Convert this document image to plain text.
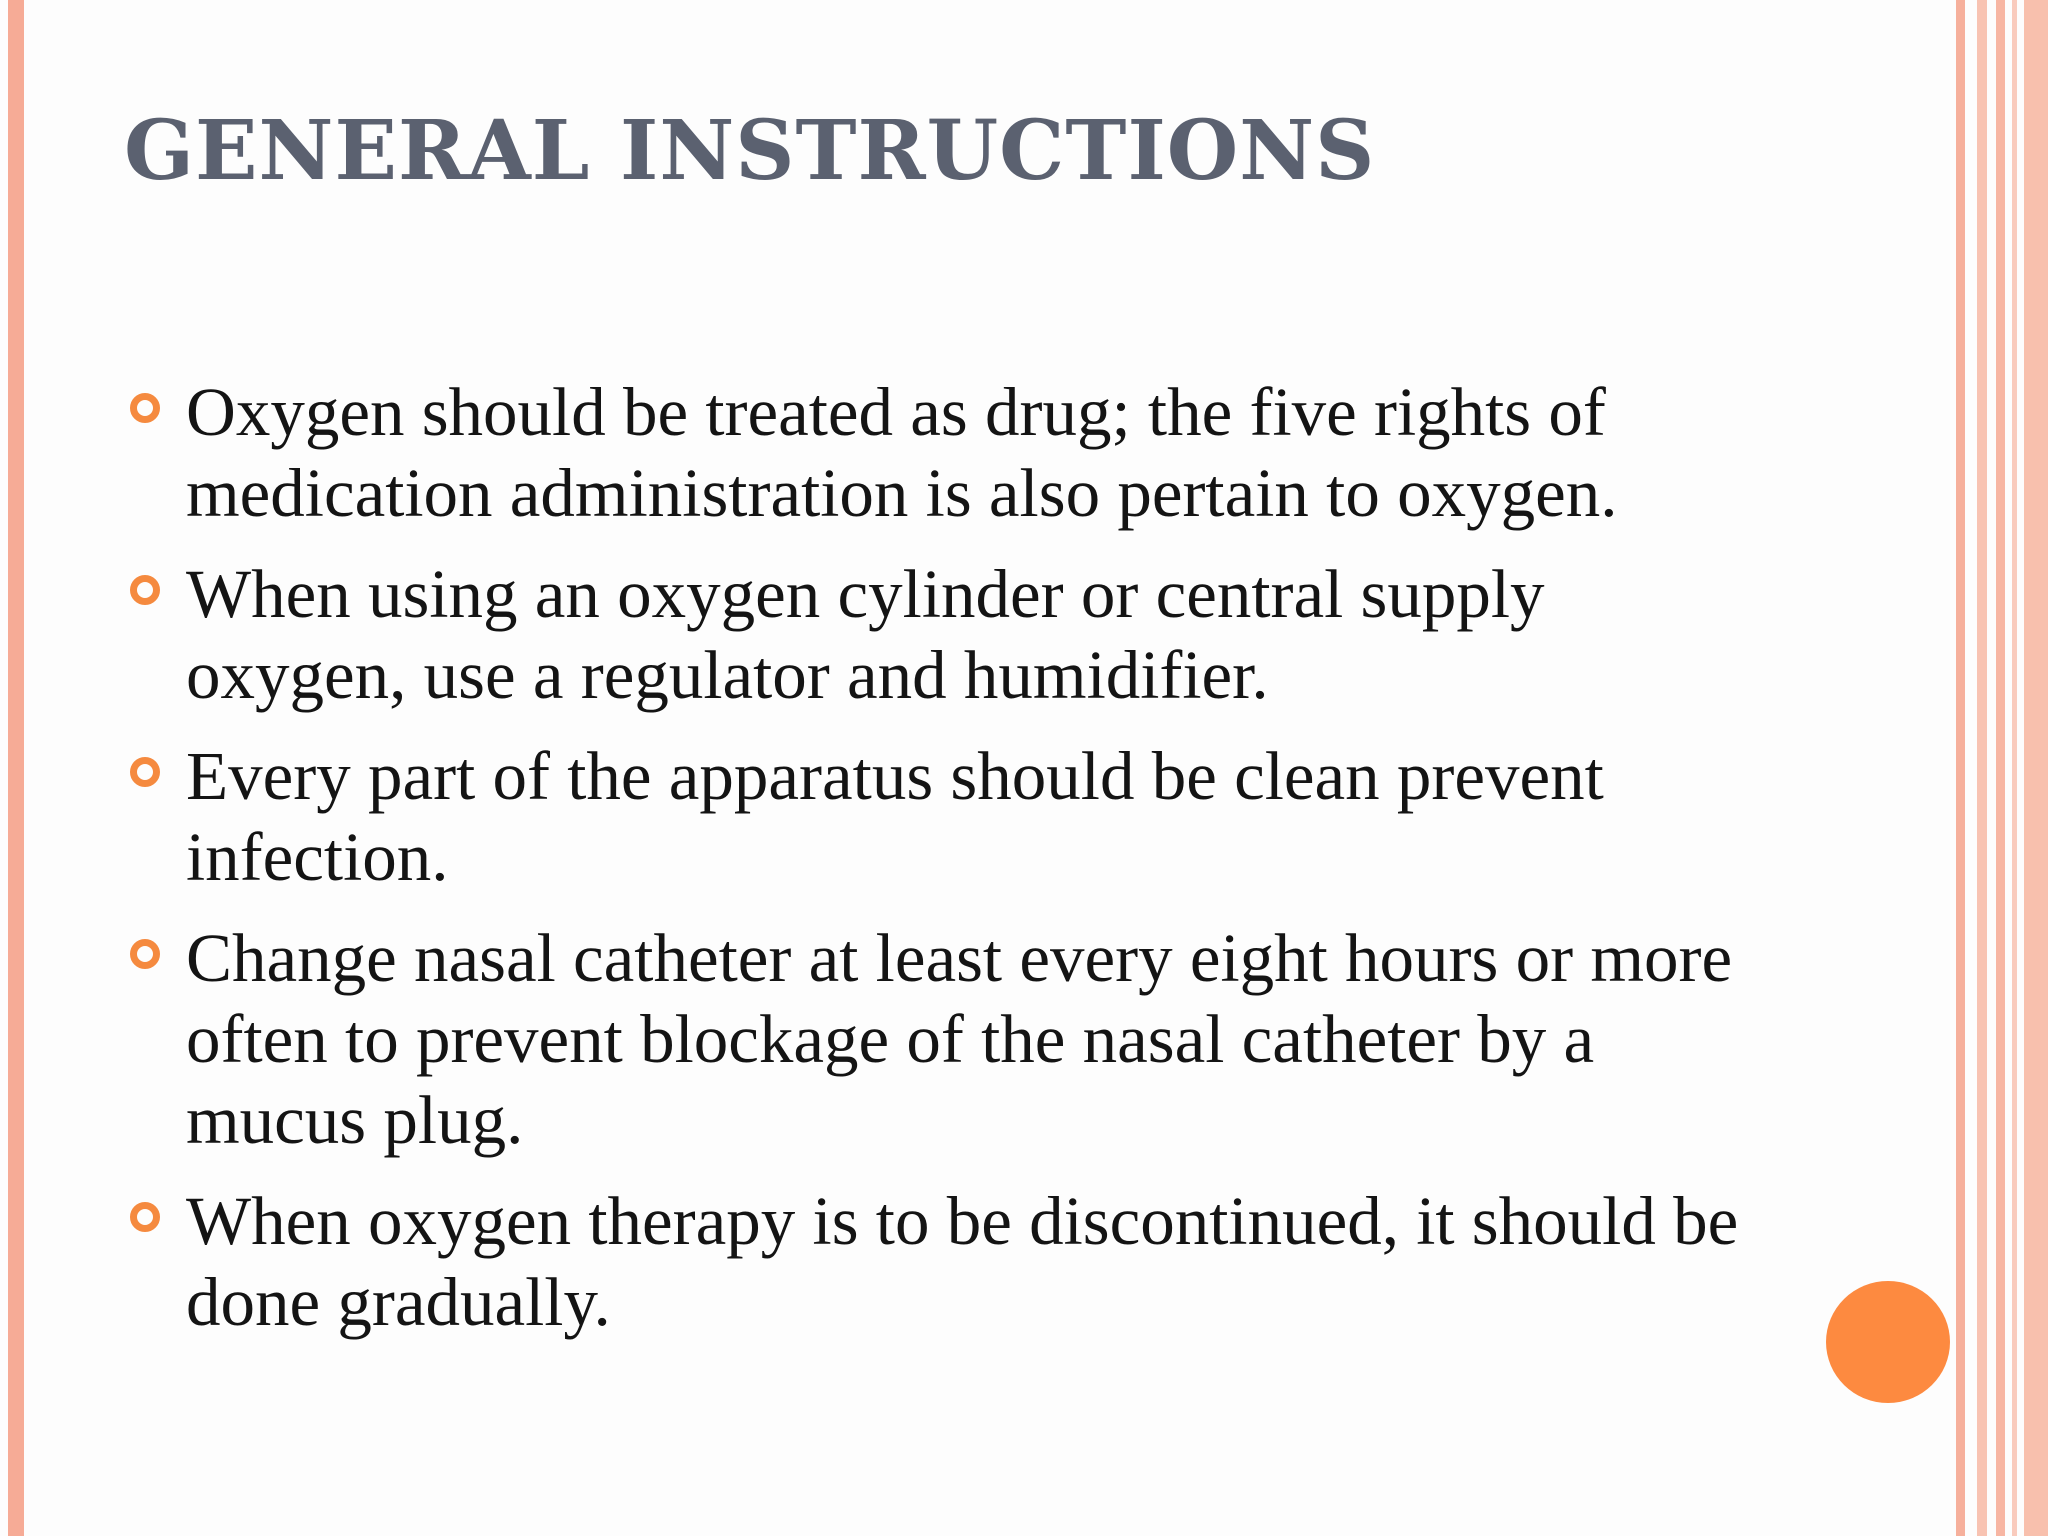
GENERAL INSTRUCTIONS
Oxygen should be treated as drug; the five rights of medication administration is also pertain to oxygen.
When using an oxygen cylinder or central supply oxygen, use a regulator and humidifier.
Every part of the apparatus should be clean prevent infection.
Change nasal catheter at least every eight hours or more often to prevent blockage of the nasal catheter by a mucus plug.
When oxygen therapy is to be discontinued, it should be done gradually.
